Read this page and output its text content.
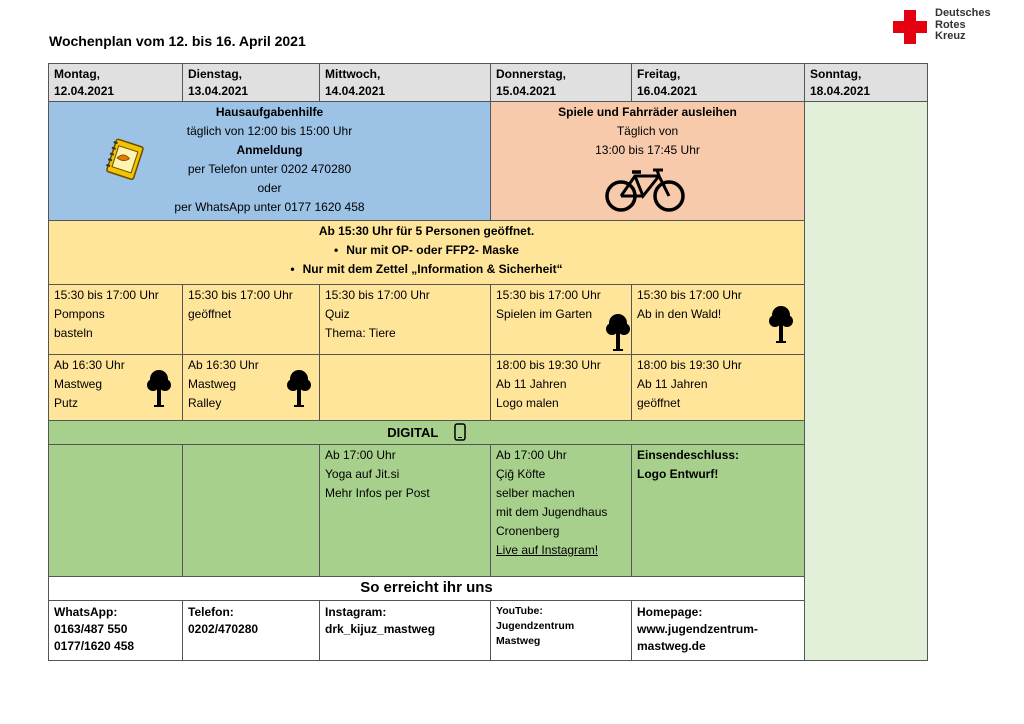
Wochenplan vom 12. bis 16. April 2021
Deutsches
Rotes
Kreuz
Montag,
12.04.2021
Dienstag,
13.04.2021
Mittwoch,
14.04.2021
Donnerstag,
15.04.2021
Freitag,
16.04.2021
Sonntag,
18.04.2021
Hausaufgabenhilfe
täglich von 12:00 bis 15:00 Uhr
Anmeldung
per Telefon unter 0202 470280
oder
per WhatsApp unter 0177 1620 458
Spiele und Fahrräder ausleihen
Täglich von
13:00 bis 17:45 Uhr
Ab 15:30 Uhr für 5 Personen geöffnet.
• Nur mit OP- oder FFP2- Maske
• Nur mit dem Zettel „Information & Sicherheit“
15:30 bis 17:00 Uhr
Pompons
basteln
15:30 bis 17:00 Uhr
geöffnet
15:30 bis 17:00 Uhr
Quiz
Thema: Tiere
15:30 bis 17:00 Uhr
Spielen im Garten
15:30 bis 17:00 Uhr
Ab in den Wald!
Ab 16:30 Uhr
Mastweg
Putz
Ab 16:30 Uhr
Mastweg
Ralley
18:00 bis 19:30 Uhr
Ab 11 Jahren
Logo malen
18:00 bis 19:30 Uhr
Ab 11 Jahren
geöffnet
DIGITAL
Ab 17:00 Uhr
Yoga auf Jit.si
Mehr Infos per Post
Ab 17:00 Uhr
Çiğ Köfte
selber machen
mit dem Jugendhaus
Cronenberg
Live auf Instagram!
Einsendeschluss:
Logo Entwurf!
So erreicht ihr uns
WhatsApp:
0163/487 550
0177/1620 458
Telefon:
0202/470280
Instagram:
drk_kijuz_mastweg
YouTube:
Jugendzentrum
Mastweg
Homepage:
www.jugendzentrum-
mastweg.de
